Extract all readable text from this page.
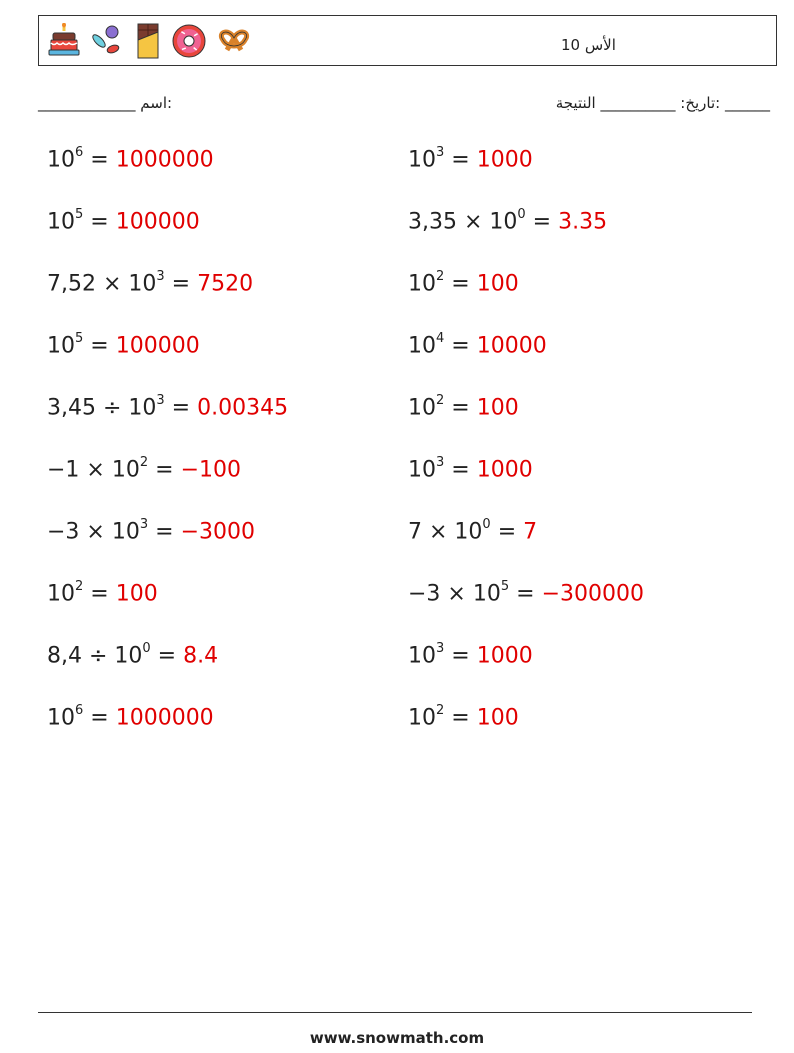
الأس 10
:اسم _____________	______ :تاريخ: __________ النتيجة
$10^6 = 1000000$
$10^5 = 100000$
$7,52 \times 10^3 = 7520$
$10^5 = 100000$
$3,45 \div 10^3 = 0.00345$
$-1 \times 10^2 = -100$
$-3 \times 10^3 = -3000$
$10^2 = 100$
$8,4 \div 10^0 = 8.4$
$10^6 = 1000000$
$10^3 = 1000$
$3,35 \times 10^0 = 3.35$
$10^2 = 100$
$10^4 = 10000$
$10^2 = 100$
$10^3 = 1000$
$7 \times 10^0 = 7$
$-3 \times 10^5 = -300000$
$10^3 = 1000$
$10^2 = 100$
www.snowmath.com
